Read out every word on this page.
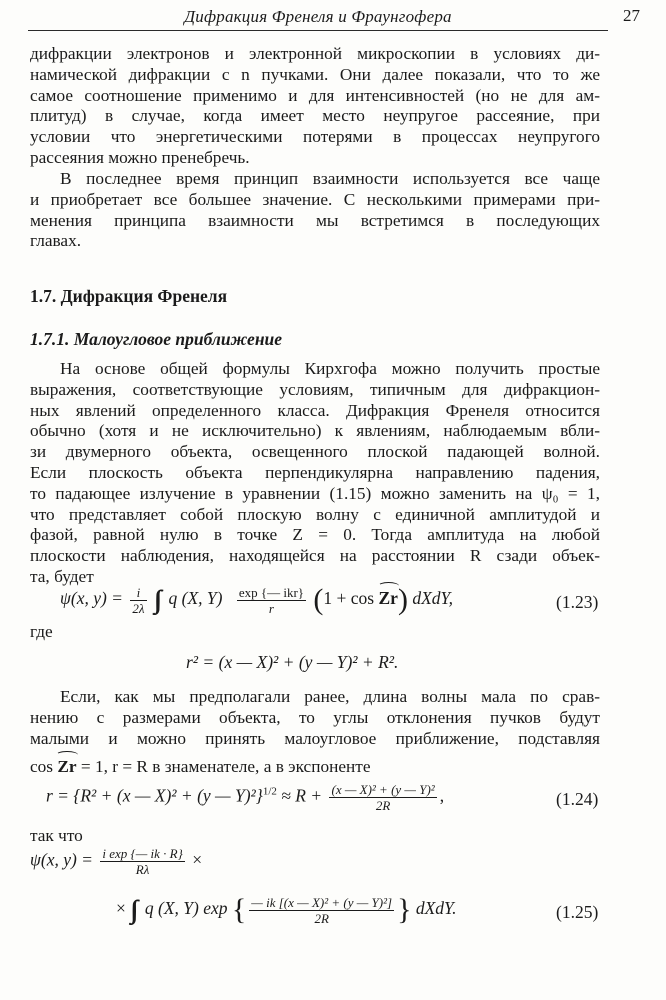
Дифракция Френеля и Фраунгофера	27
дифракции электронов и электронной микроскопии в условиях ди-
намической дифракции с n пучками. Они далее показали, что то же
самое соотношение применимо и для интенсивностей (но не для ам-
плитуд) в случае, когда имеет место неупругое рассеяние, при
условии что энергетическими потерями в процессах неупругого
рассеяния можно пренебречь.
В последнее время принцип взаимности используется все чаще
и приобретает все большее значение. С несколькими примерами при-
менения принципа взаимности мы встретимся в последующих
главах.
1.7. Дифракция Френеля
1.7.1. Малоугловое приближение
На основе общей формулы Кирхгофа можно получить простые
выражения, соответствующие условиям, типичным для дифракцион-
ных явлений определенного класса. Дифракция Френеля относится
обычно (хотя и не исключительно) к явлениям, наблюдаемым вбли-
зи двумерного объекта, освещенного плоской падающей волной.
Если плоскость объекта перпендикулярна направлению падения,
то падающее излучение в уравнении (1.15) можно заменить на ψ₀ = 1,
что представляет собой плоскую волну с единичной амплитудой и
фазой, равной нулю в точке Z = 0. Тогда амплитуда на любой
плоскости наблюдения, находящейся на расстоянии R сзади объек-
та, будет
ψ(x, $y) = \frac{i}{2\lambda}$ ∫∫ q (X, $Y) \frac{\text{exp \{— ikr\}}}{r} (1 + \cos Zr)$ dXdY,	(1.23)
где
r² = (x — X)² + (y — Y)² + R².
Если, как мы предполагали ранее, длина волны мала по срав-
нению с размерами объекта, то углы отклонения пучков будут
малыми и можно принять малоугловое приближение, подставляя
cos Zr = 1, r = R в знаменателе, а в экспоненте
r = {R² + (x — X)² + (y — $Y)^2\}^{1/2} \approx R + \frac{\text{(x — X)² + (y — Y)²}}{2R}$ ,	(1.24)
так что
ψ(x, $y) = \frac{\text{i exp \{— ik · R\}}}{R\lambda}$ ×
× ∫∫ q (X, Y) exp { $\frac{\text{— ik [(x — X)² + (y — Y)²]}}{2R}$ } dXdY.	(1.25)
